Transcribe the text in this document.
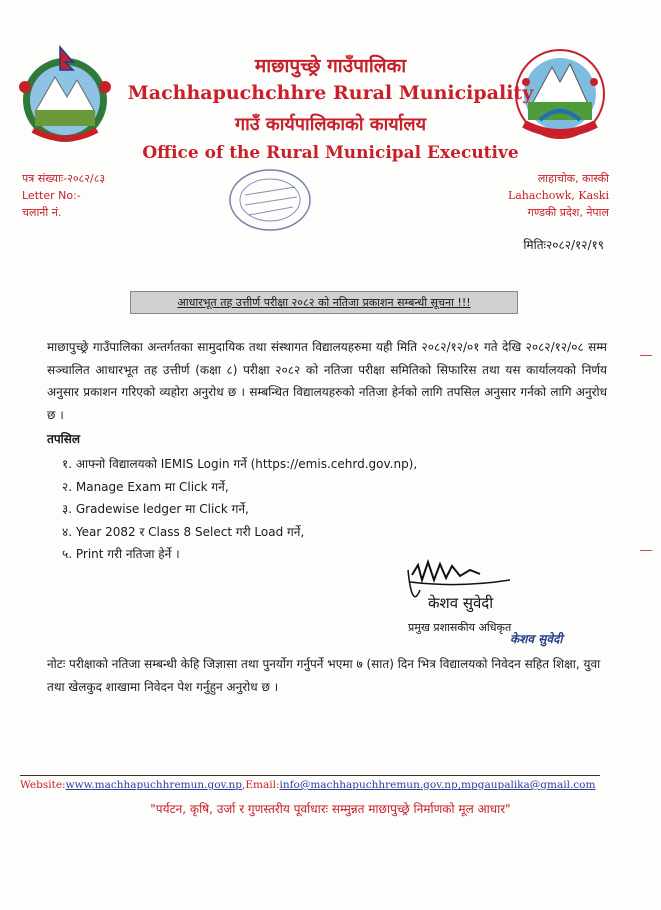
माछापुच्छ्रे गाउँपालिका
Machhapuchchhre Rural Municipality
गाउँ कार्यपालिकाको कार्यालय
Office of the Rural Municipal Executive
पत्र संख्याः-२०८२/८३
Letter No:-
चलानी नं.
लाहाचोक, कास्की
Lahachowk, Kaski
गण्डकी प्रदेश, नेपाल
मितिः२०८२/१२/१९
आधारभूत तह उत्तीर्ण परीक्षा २०८२ को नतिजा प्रकाशन सम्बन्धी सूचना !!!
माछापुच्छ्रे गाउँपालिका अन्तर्गतका सामुदायिक तथा संस्थागत विद्यालयहरुमा यही मिति २०८२/१२/०१ गते देखि २०८२/१२/०८ सम्म सञ्चालित आधारभूत तह उत्तीर्ण (कक्षा ८) परीक्षा २०८२ को नतिजा परीक्षा समितिको सिफारिस तथा यस कार्यालयको निर्णय अनुसार प्रकाशन गरिएको व्यहोरा अनुरोध छ । सम्बन्धित विद्यालयहरुको नतिजा हेर्नको लागि तपसिल अनुसार गर्नको लागि अनुरोध छ ।
तपसिल
१. आफ्नो विद्यालयको IEMIS Login गर्ने (https://emis.cehrd.gov.np),
२. Manage Exam मा Click गर्ने,
३. Gradewise ledger मा Click गर्ने,
४. Year 2082 र Class 8 Select गरी Load गर्ने,
५. Print गरी नतिजा हेर्ने ।
केशव सुवेदी
प्रमुख प्रशासकीय अधिकृत
केशव सुवेदी
नोटः परीक्षाको नतिजा सम्बन्धी केहि जिज्ञासा तथा पुनर्योग गर्नुपर्ने भएमा ७ (सात) दिन भित्र विद्यालयको निवेदन सहित शिक्षा, युवा तथा खेलकुद शाखामा निवेदन पेश गर्नुहुन अनुरोध छ ।
Website:www.machhapuchhremun.gov.np,Email:info@machhapuchhremun.gov.np,mpgaupalika@gmail.com
"पर्यटन, कृषि, उर्जा र गुणस्तरीय पूर्वाधारः सम्मुन्नत माछापुच्छ्रे निर्माणको मूल आधार"
